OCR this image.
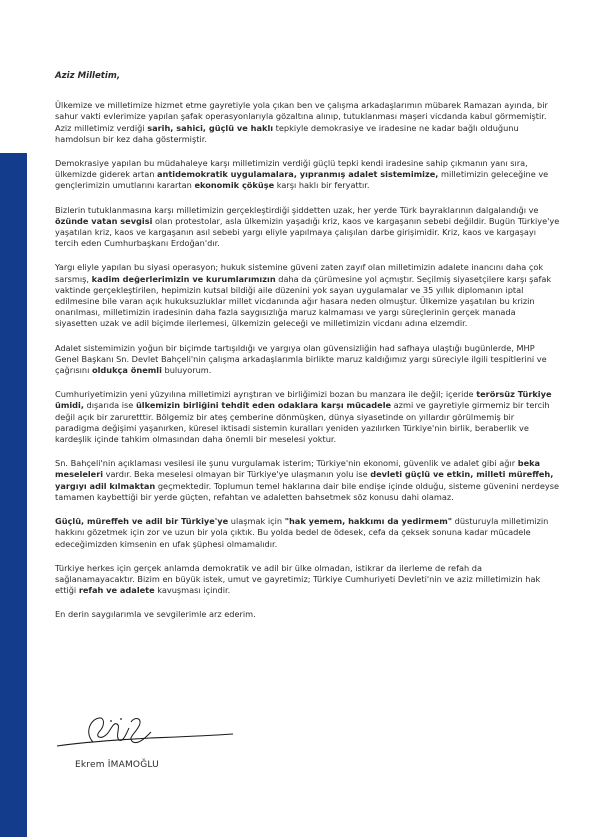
Aziz Milletim,

Ülkemize ve milletimize hizmet etme gayretiyle yola çıkan ben ve çalışma arkadaşlarımın mübarek Ramazan ayında, bir sahur vakti evlerimize yapılan şafak operasyonlarıyla gözaltına alınıp, tutuklanması maşeri vicdanda kabul görmemiştir. Aziz milletimiz verdiği sarih, sahici, güçlü ve haklı tepkiyle demokrasiye ve iradesine ne kadar bağlı olduğunu hamdolsun bir kez daha göstermiştir.

Demokrasiye yapılan bu müdahaleye karşı milletimizin verdiği güçlü tepki kendi iradesine sahip çıkmanın yanı sıra, ülkemizde giderek artan antidemokratik uygulamalara, yıpranmış adalet sistemimize, milletimizin geleceğine ve gençlerimizin umutlarını karartan ekonomik çöküşe karşı haklı bir feryattır.

Bizlerin tutuklanmasına karşı milletimizin gerçekleştirdiği şiddetten uzak, her yerde Türk bayraklarının dalgalandığı ve özünde vatan sevgisi olan protestolar, asla ülkemizin yaşadığı kriz, kaos ve kargaşanın sebebi değildir. Bugün Türkiye'ye yaşatılan kriz, kaos ve kargaşanın asıl sebebi yargı eliyle yapılmaya çalışılan darbe girişimidir. Kriz, kaos ve kargaşayı tercih eden Cumhurbaşkanı Erdoğan'dır.

Yargı eliyle yapılan bu siyasi operasyon; hukuk sistemine güveni zaten zayıf olan milletimizin adalete inancını daha çok sarsmış, kadim değerlerimizin ve kurumlarımızın daha da çürümesine yol açmıştır. Seçilmiş siyasetçilere karşı şafak vaktinde gerçekleştirilen, hepimizin kutsal bildiği aile düzenini yok sayan uygulamalar ve 35 yıllık diplomanın iptal edilmesine bile varan açık hukuksuzluklar millet vicdanında ağır hasara neden olmuştur. Ülkemize yaşatılan bu krizin onarılması, milletimizin iradesinin daha fazla saygısızlığa maruz kalmaması ve yargı süreçlerinin gerçek manada siyasetten uzak ve adil biçimde ilerlemesi, ülkemizin geleceği ve milletimizin vicdanı adına elzemdir.

Adalet sistemimizin yoğun bir biçimde tartışıldığı ve yargıya olan güvensizliğin had safhaya ulaştığı bugünlerde, MHP Genel Başkanı Sn. Devlet Bahçeli'nin çalışma arkadaşlarımla birlikte maruz kaldığımız yargı süreciyle ilgili tespitlerini ve çağrısını oldukça önemli buluyorum.

Cumhuriyetimizin yeni yüzyılına milletimizi ayrıştıran ve birliğimizi bozan bu manzara ile değil; içeride terörsüz Türkiye ümidi, dışarıda ise ülkemizin birliğini tehdit eden odaklara karşı mücadele azmi ve gayretiyle girmemiz bir tercih değil açık bir zaruretttir. Bölgemiz bir ateş çemberine dönmüşken, dünya siyasetinde on yıllardır görülmemiş bir paradigma değişimi yaşanırken, küresel iktisadi sistemin kuralları yeniden yazılırken Türkiye'nin birlik, beraberlik ve kardeşlik içinde tahkim olmasından daha önemli bir meselesi yoktur.

Sn. Bahçeli'nin açıklaması vesilesi ile şunu vurgulamak isterim; Türkiye'nin ekonomi, güvenlik ve adalet gibi ağır beka meseleleri vardır. Beka meselesi olmayan bir Türkiye'ye ulaşmanın yolu ise devleti güçlü ve etkin, milleti müreffeh, yargıyı adil kılmaktan geçmektedir. Toplumun temel haklarına dair bile endişe içinde olduğu, sisteme güvenini nerdeyse tamamen kaybettiği bir yerde güçten, refahtan ve adaletten bahsetmek söz konusu dahi olamaz.

Güçlü, müreffeh ve adil bir Türkiye'ye ulaşmak için "hak yemem, hakkımı da yedirmem" düsturuyla milletimizin hakkını gözetmek için zor ve uzun bir yola çıktık. Bu yolda bedel de ödesek, cefa da çeksek sonuna kadar mücadele edeceğimizden kimsenin en ufak şüphesi olmamalıdır.

Türkiye herkes için gerçek anlamda demokratik ve adil bir ülke olmadan, istikrar da ilerleme de refah da sağlanamayacaktır. Bizim en büyük istek, umut ve gayretimiz; Türkiye Cumhuriyeti Devleti'nin ve aziz milletimizin hak ettiği refah ve adalete kavuşması içindir.

En derin saygılarımla ve sevgilerimle arz ederim.

Ekrem İMAMOĞLU
